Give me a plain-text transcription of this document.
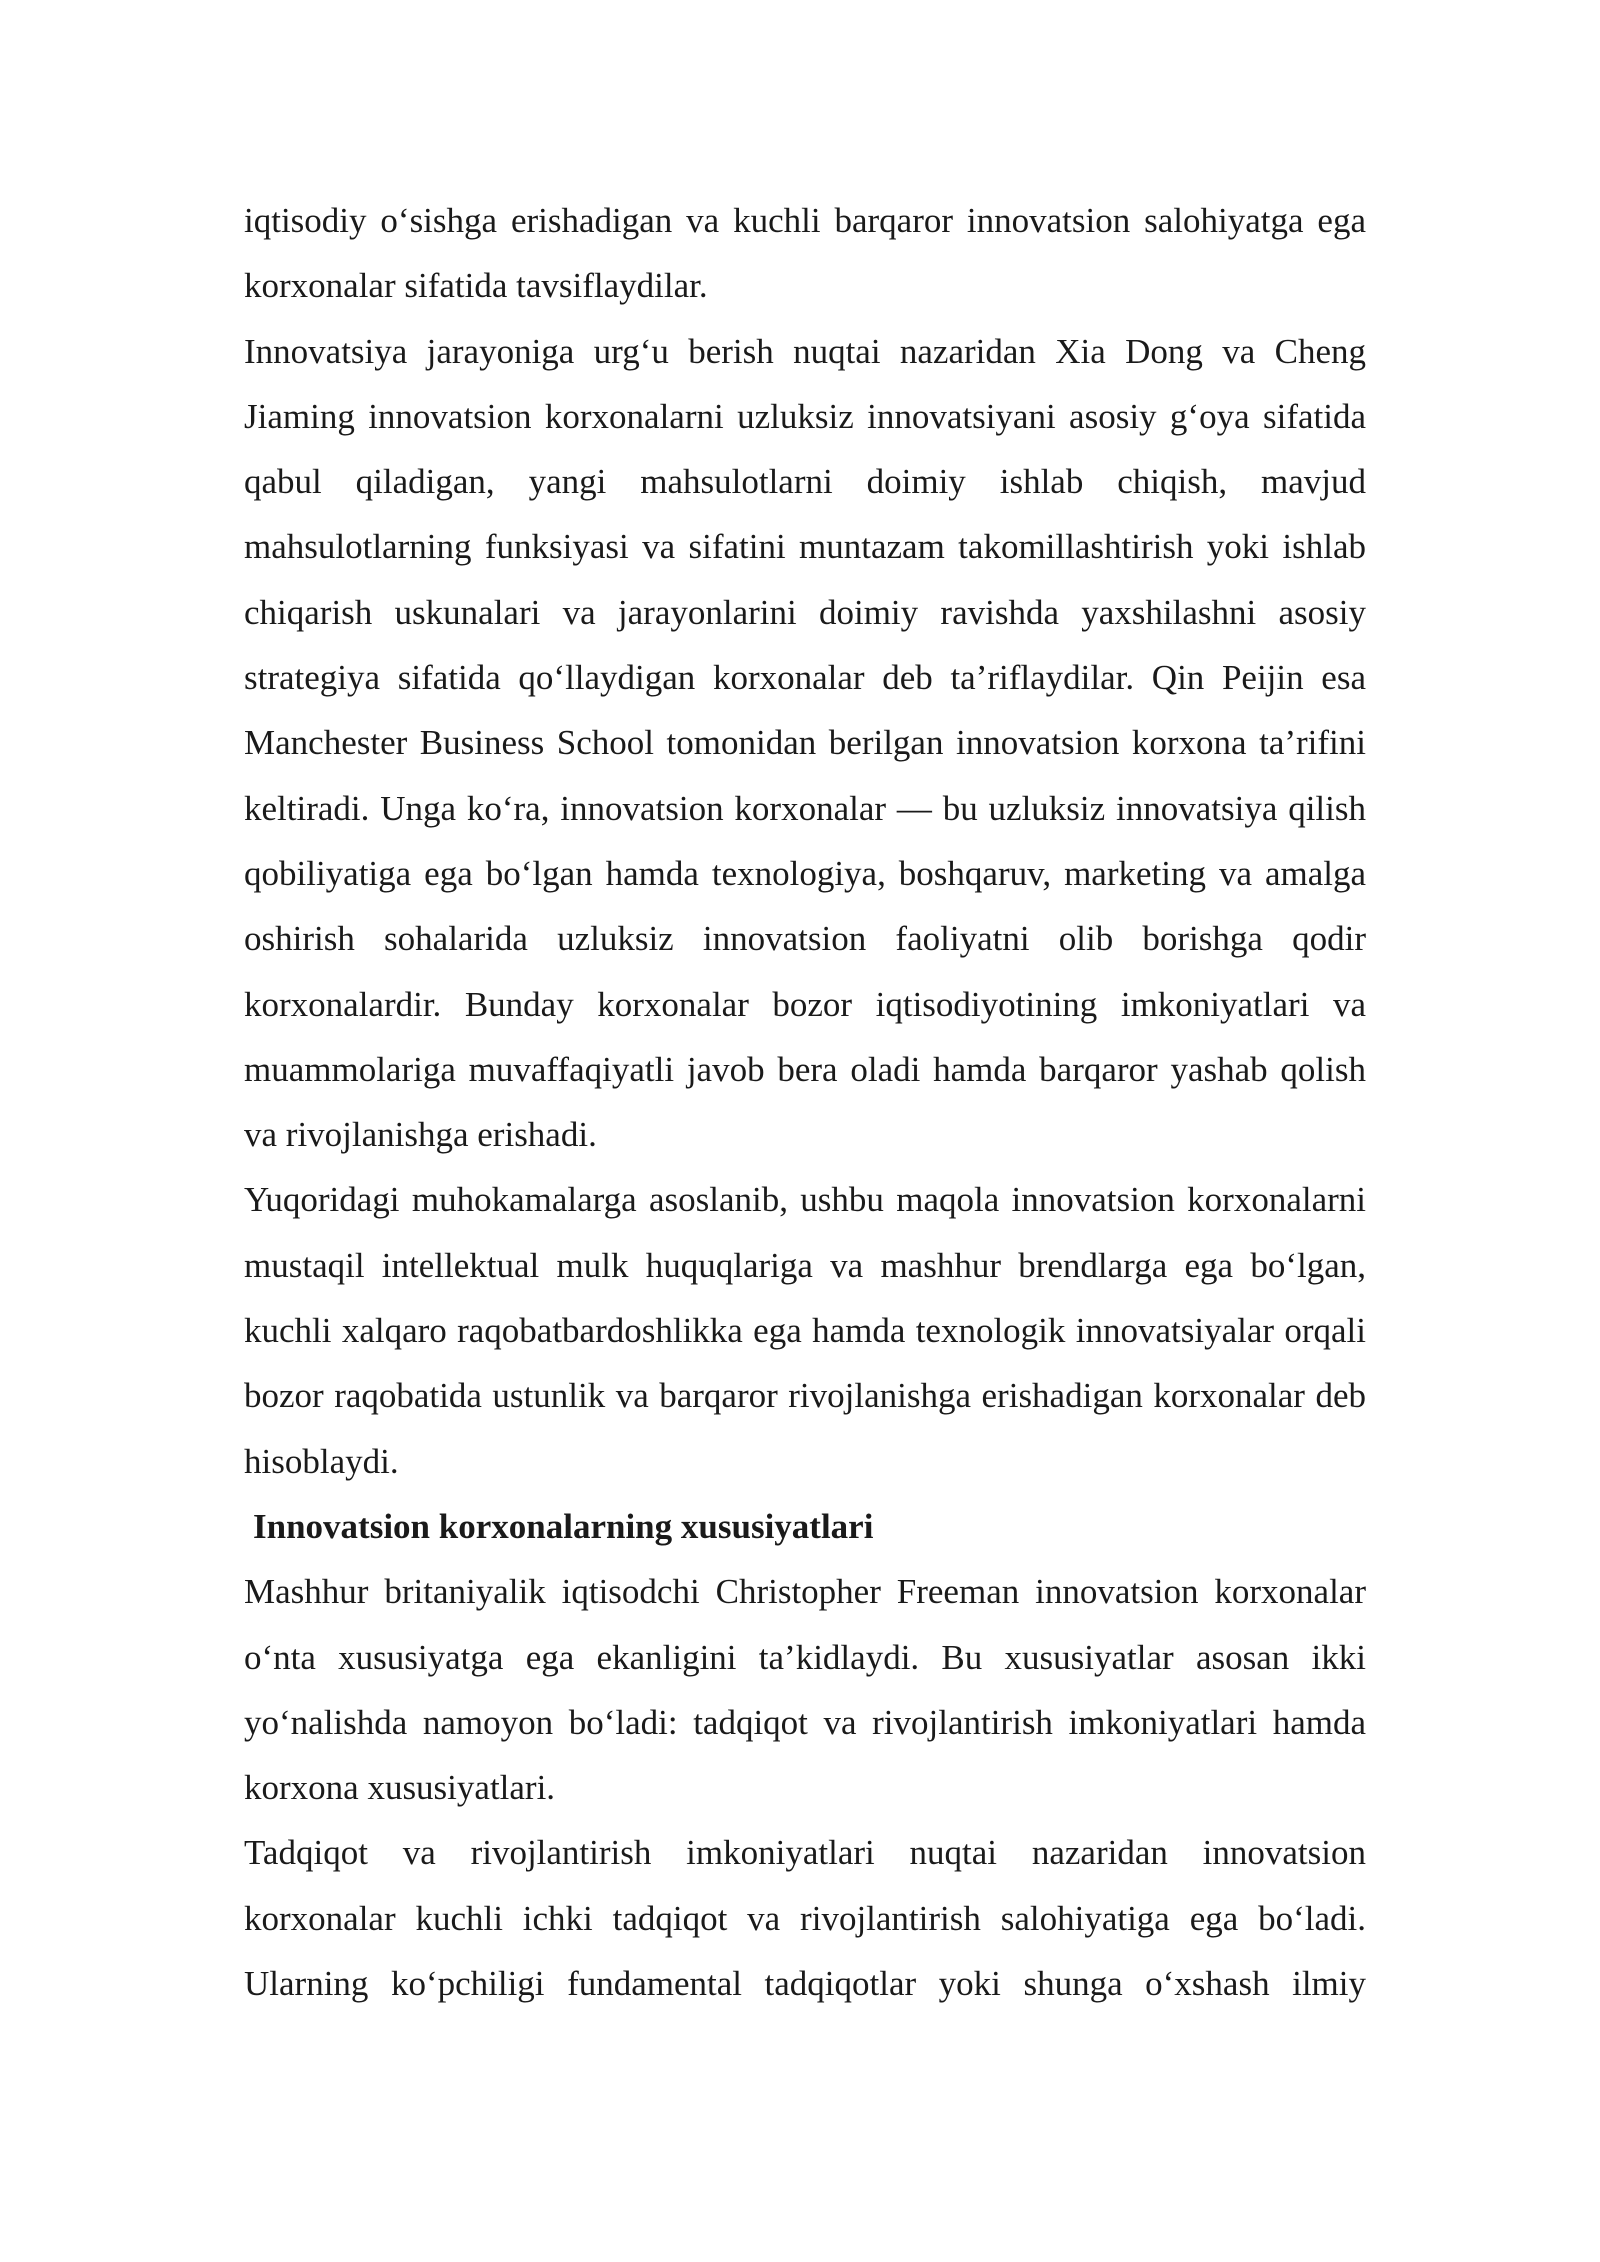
iqtisodiy o‘sishga erishadigan va kuchli barqaror innovatsion salohiyatga ega korxonalar sifatida tavsiflaydilar.

Innovatsiya jarayoniga urg‘u berish nuqtai nazaridan Xia Dong va Cheng Jiaming innovatsion korxonalarni uzluksiz innovatsiyani asosiy g‘oya sifatida qabul qiladigan, yangi mahsulotlarni doimiy ishlab chiqish, mavjud mahsulotlarning funksiyasi va sifatini muntazam takomillashtirish yoki ishlab chiqarish uskunalari va jarayonlarini doimiy ravishda yaxshilashni asosiy strategiya sifatida qo‘llaydigan korxonalar deb ta’riflaydilar. Qin Peijin esa Manchester Business School tomonidan berilgan innovatsion korxona ta’rifini keltiradi. Unga ko‘ra, innovatsion korxonalar — bu uzluksiz innovatsiya qilish qobiliyatiga ega bo‘lgan hamda texnologiya, boshqaruv, marketing va amalga oshirish sohalarida uzluksiz innovatsion faoliyatni olib borishga qodir korxonalardir. Bunday korxonalar bozor iqtisodiyotining imkoniyatlari va muammolariga muvaffaqiyatli javob bera oladi hamda barqaror yashab qolish va rivojlanishga erishadi.

Yuqoridagi muhokamalarga asoslanib, ushbu maqola innovatsion korxonalarni mustaqil intellektual mulk huquqlariga va mashhur brendlarga ega bo‘lgan, kuchli xalqaro raqobatbardoshlikka ega hamda texnologik innovatsiyalar orqali bozor raqobatida ustunlik va barqaror rivojlanishga erishadigan korxonalar deb hisoblaydi.

Innovatsion korxonalarning xususiyatlari

Mashhur britaniyalik iqtisodchi Christopher Freeman innovatsion korxonalar o‘nta xususiyatga ega ekanligini ta’kidlaydi. Bu xususiyatlar asosan ikki yo‘nalishda namoyon bo‘ladi: tadqiqot va rivojlantirish imkoniyatlari hamda korxona xususiyatlari.

Tadqiqot va rivojlantirish imkoniyatlari nuqtai nazaridan innovatsion korxonalar kuchli ichki tadqiqot va rivojlantirish salohiyatiga ega bo‘ladi. Ularning ko‘pchiligi fundamental tadqiqotlar yoki shunga o‘xshash ilmiy
